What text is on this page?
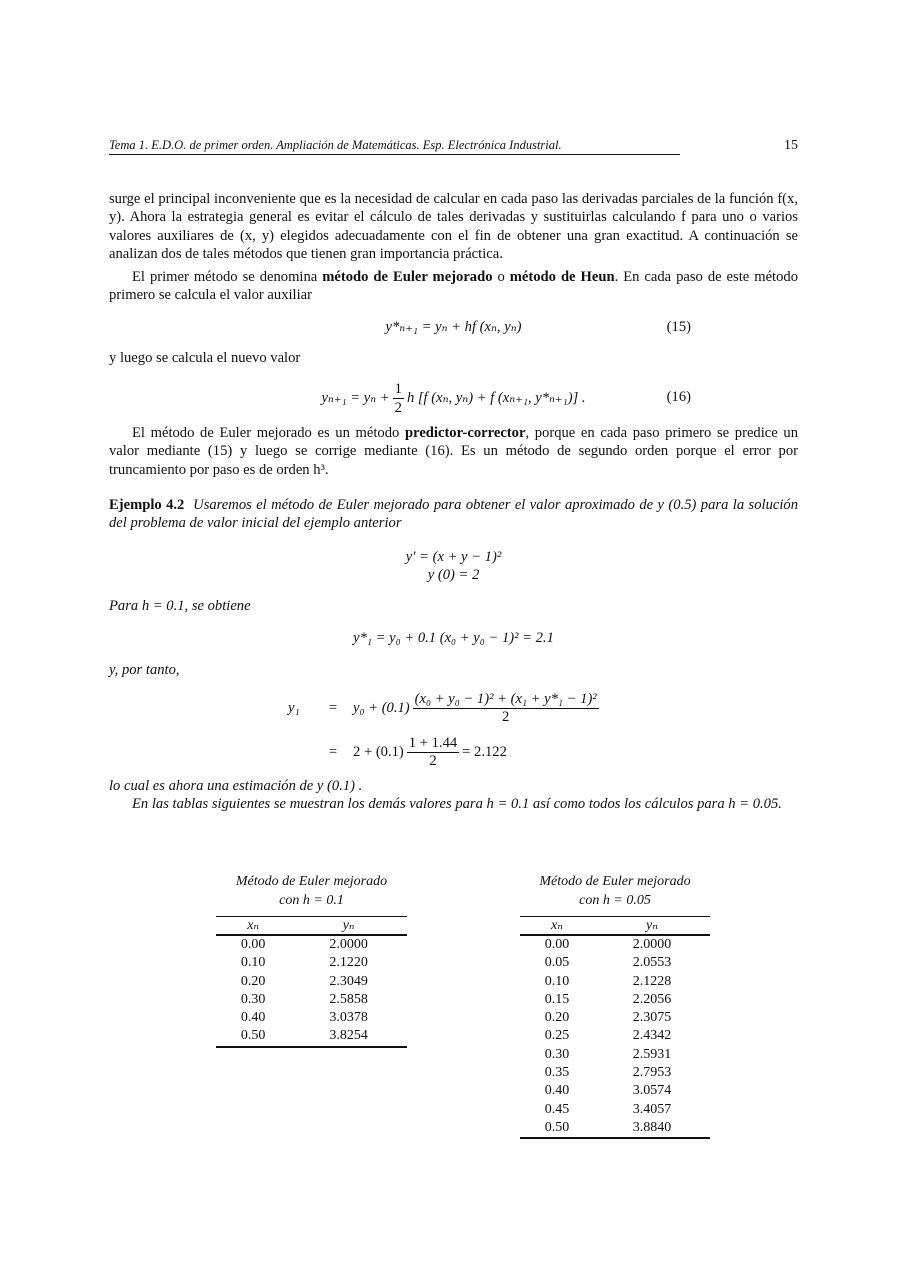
Tema 1. E.D.O. de primer orden. Ampliación de Matemáticas. Esp. Electrónica Industrial.	15
surge el principal inconveniente que es la necesidad de calcular en cada paso las derivadas parciales de la función f(x, y). Ahora la estrategia general es evitar el cálculo de tales derivadas y sustituirlas calculando f para uno o varios valores auxiliares de (x, y) elegidos adecuadamente con el fin de obtener una gran exactitud. A continuación se analizan dos de tales métodos que tienen gran importancia práctica.
El primer método se denomina método de Euler mejorado o método de Heun. En cada paso de este método primero se calcula el valor auxiliar
y*ₙ₊₁ = yₙ + hf (xₙ, yₙ)	(15)
y luego se calcula el nuevo valor
$y_{n+1} = y_n + \frac{1}{2}$ h [f (xₙ, yₙ) + f (xₙ₊₁, y*ₙ₊₁)] .	(16)
El método de Euler mejorado es un método predictor-corrector, porque en cada paso primero se predice un valor mediante (15) y luego se corrige mediante (16). Es un método de segundo orden porque el error por truncamiento por paso es de orden h³.
Ejemplo 4.2 Usaremos el método de Euler mejorado para obtener el valor aproximado de y (0.5) para la solución del problema de valor inicial del ejemplo anterior
y′ = (x + y − 1)²
y (0) = 2
Para h = 0.1, se obtiene
y*₁ = y₀ + 0.1 (x₀ + y₀ − 1)² = 2.1
y, por tanto,
y₁	=	$y_0 + (0.1) \frac{\text{(x₀ + y₀ − 1)² + (x₁ + y*₁ − 1)²}}{2}$
=	$2 + (0.1) \frac{1 + 1.44}{2} = 2.122$
lo cual es ahora una estimación de y (0.1) .
En las tablas siguientes se muestran los demás valores para h = 0.1 así como todos los cálculos para h = 0.05.
Método de Euler mejorado
con h = 0.1
xₙ	yₙ
0.00	2.0000
0.10	2.1220
0.20	2.3049
0.30	2.5858
0.40	3.0378
0.50	3.8254
Método de Euler mejorado
con h = 0.05
xₙ	yₙ
0.00	2.0000
0.05	2.0553
0.10	2.1228
0.15	2.2056
0.20	2.3075
0.25	2.4342
0.30	2.5931
0.35	2.7953
0.40	3.0574
0.45	3.4057
0.50	3.8840
